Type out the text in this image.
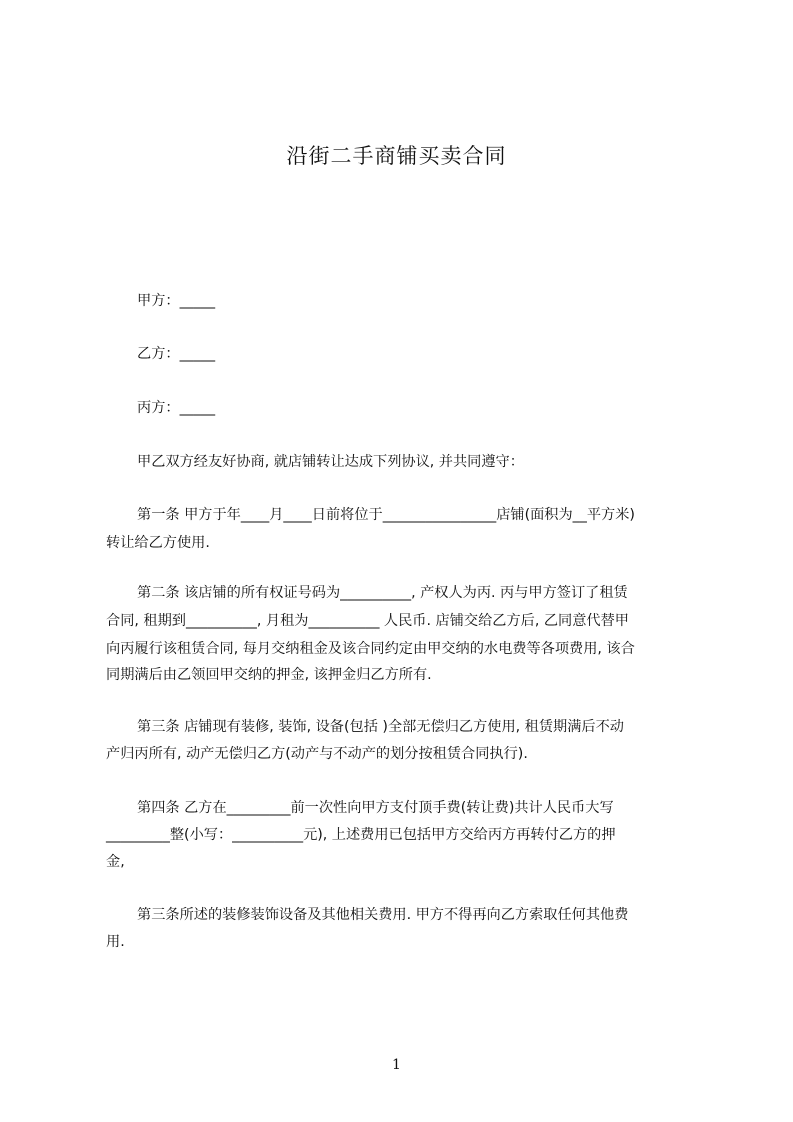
沿街二手商铺买卖合同
甲方：_____
乙方：_____
丙方：_____
甲乙双方经友好协商, 就店铺转让达成下列协议, 并共同遵守：
第一条 甲方于年____月____日前将位于________________店铺(面积为__平方米)
转让给乙方使用.
第二条 该店铺的所有权证号码为__________, 产权人为丙. 丙与甲方签订了租赁
合同, 租期到__________, 月租为__________ 人民币. 店铺交给乙方后, 乙同意代替甲
向丙履行该租赁合同, 每月交纳租金及该合同约定由甲交纳的水电费等各项费用, 该合
同期满后由乙领回甲交纳的押金, 该押金归乙方所有.
第三条 店铺现有装修, 装饰, 设备(包括 )全部无偿归乙方使用, 租赁期满后不动
产归丙所有, 动产无偿归乙方(动产与不动产的划分按租赁合同执行).
第四条 乙方在_________前一次性向甲方支付顶手费(转让费)共计人民币大写
_________整(小写：__________元), 上述费用已包括甲方交给丙方再转付乙方的押
金,
第三条所述的装修装饰设备及其他相关费用. 甲方不得再向乙方索取任何其他费
用.
1
